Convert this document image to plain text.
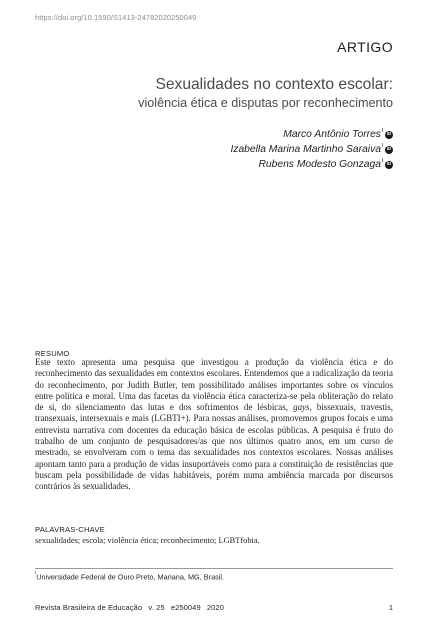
https://doi.org/10.1590/S1413-24782020250049
ARTIGO
Sexualidades no contexto escolar:
violência ética e disputas por reconhecimento
Marco Antônio Torres$^I$ iD
Izabella Marina Martinho Saraiva$^I$ iD
Rubens Modesto Gonzaga$^I$ iD
RESUMO
Este texto apresenta uma pesquisa que investigou a produção da violência ética e do reconhecimento das sexualidades em contextos escolares. Entendemos que a radicalização da teoria do reconhecimento, por Judith Butler, tem possibilitado análises importantes sobre os vínculos entre política e moral. Uma das facetas da violência ética caracteriza-se pela obliteração do relato de si, do silenciamento das lutas e dos sofrimentos de lésbicas, gays, bissexuais, travestis, transexuais, intersexuais e mais (LGBTI+). Para nossas análises, promovemos grupos focais e uma entrevista narrativa com docentes da educação básica de escolas públicas. A pesquisa é fruto do trabalho de um conjunto de pesquisadores/as que nos últimos quatro anos, em um curso de mestrado, se envolveram com o tema das sexualidades nos contextos escolares. Nossas análises apontam tanto para a produção de vidas insuportáveis como para a constituição de resistências que buscam pela possibilidade de vidas habitáveis, porém numa ambiência marcada por discursos contrários às sexualidades.
PALAVRAS-CHAVE
sexualidades; escola; violência ética; reconhecimento; LGBTfobia.
$^I$Universidade Federal de Ouro Preto, Mariana, MG, Brasil.
Revista Brasileira de Educação v. 25 e250049 2020	1
